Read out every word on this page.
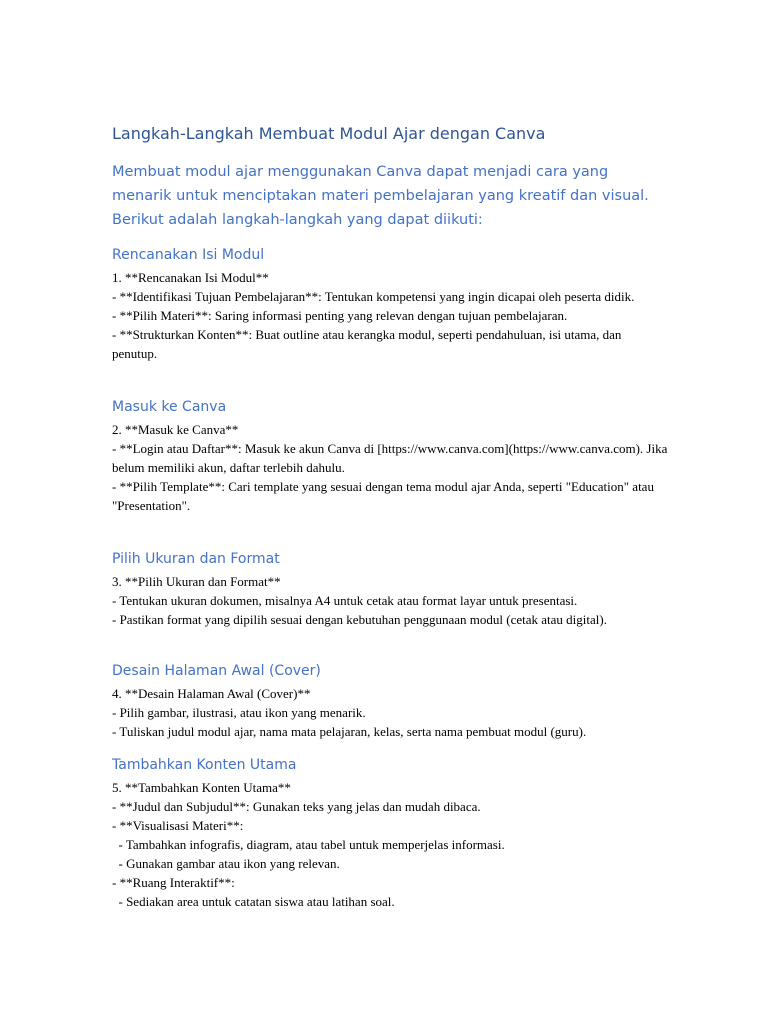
Langkah-Langkah Membuat Modul Ajar dengan Canva

Membuat modul ajar menggunakan Canva dapat menjadi cara yang menarik untuk menciptakan materi pembelajaran yang kreatif dan visual. Berikut adalah langkah-langkah yang dapat diikuti:

Rencanakan Isi Modul

1. **Rencanakan Isi Modul**

- **Identifikasi Tujuan Pembelajaran**: Tentukan kompetensi yang ingin dicapai oleh peserta didik.

- **Pilih Materi**: Saring informasi penting yang relevan dengan tujuan pembelajaran.

- **Strukturkan Konten**: Buat outline atau kerangka modul, seperti pendahuluan, isi utama, dan penutup.

Masuk ke Canva

2. **Masuk ke Canva**

- **Login atau Daftar**: Masuk ke akun Canva di [https://www.canva.com](https://www.canva.com). Jika belum memiliki akun, daftar terlebih dahulu.

- **Pilih Template**: Cari template yang sesuai dengan tema modul ajar Anda, seperti "Education" atau "Presentation".

Pilih Ukuran dan Format

3. **Pilih Ukuran dan Format**

- Tentukan ukuran dokumen, misalnya A4 untuk cetak atau format layar untuk presentasi.

- Pastikan format yang dipilih sesuai dengan kebutuhan penggunaan modul (cetak atau digital).

Desain Halaman Awal (Cover)

4. **Desain Halaman Awal (Cover)**

- Pilih gambar, ilustrasi, atau ikon yang menarik.

- Tuliskan judul modul ajar, nama mata pelajaran, kelas, serta nama pembuat modul (guru).

Tambahkan Konten Utama

5. **Tambahkan Konten Utama**

- **Judul dan Subjudul**: Gunakan teks yang jelas dan mudah dibaca.

- **Visualisasi Materi**:

- Tambahkan infografis, diagram, atau tabel untuk memperjelas informasi.

- Gunakan gambar atau ikon yang relevan.

- **Ruang Interaktif**:

- Sediakan area untuk catatan siswa atau latihan soal.
